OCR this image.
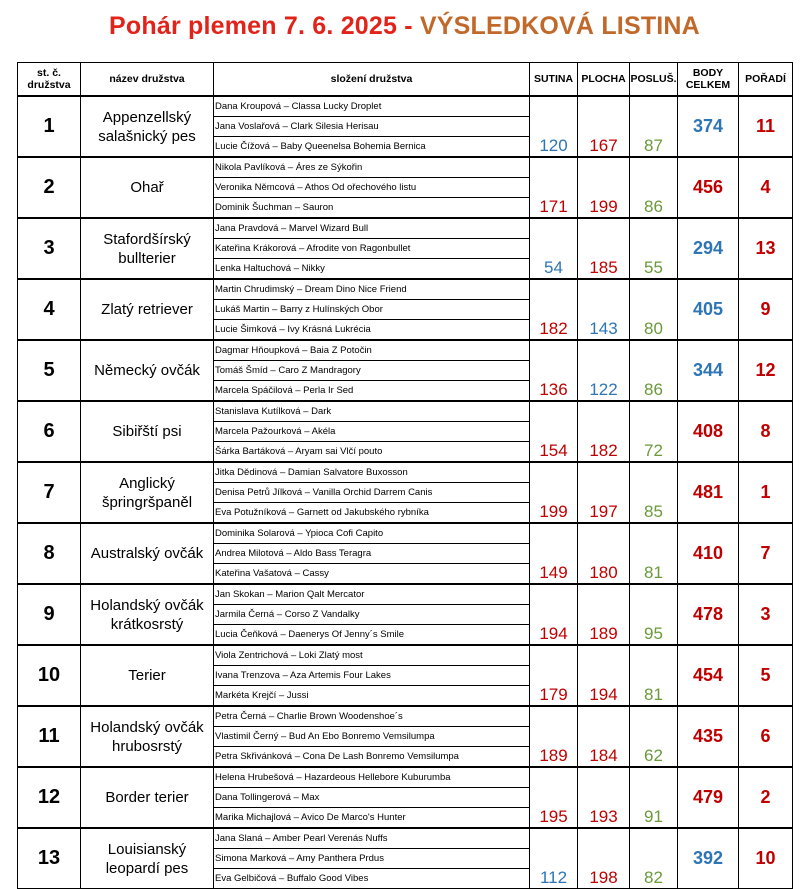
Pohár plemen 7. 6. 2025 - VÝSLEDKOVÁ LISTINA
st. č. družstva	název družstva	složení družstva	SUTINA	PLOCHA	POSLUŠ.	BODY CELKEM	POŘADÍ
1	Appenzellský salašnický pes	Dana Kroupová – Classa Lucky Droplet
Jana Voslařová – Clark Silesia Herisau
Lucie Čížová – Baby Queenelsa Bohemia Bernica	120	167	87	374	11
2	Ohař	Nikola Pavlíková – Áres ze Sýkořin
Veronika Němcová – Athos Od ořechového listu
Dominik Šuchman – Sauron	171	199	86	456	4
3	Stafordšírský bullterier	Jana Pravdová – Marvel Wizard Bull
Kateřina Krákorová – Afrodite von Ragonbullet
Lenka Haltuchová – Nikky	54	185	55	294	13
4	Zlatý retriever	Martin Chrudimský – Dream Dino Nice Friend
Lukáš Martin – Barry z Hulínských Obor
Lucie Šimková – Ivy Krásná Lukrécia	182	143	80	405	9
5	Německý ovčák	Dagmar Hňoupková – Baia Z Potočin
Tomáš Šmíd – Caro Z Mandragory
Marcela Spáčilová – Perla Ir Sed	136	122	86	344	12
6	Sibiřští psi	Stanislava Kutílková – Dark
Marcela Pažourková – Akéla
Šárka Bartáková – Aryam sai Vlčí pouto	154	182	72	408	8
7	Anglický špringršpaněl	Jitka Dědinová – Damian Salvatore Buxosson
Denisa Petrů Jílková – Vanilla Orchid Darrem Canis
Eva Potužníková – Garnett od Jakubského rybníka	199	197	85	481	1
8	Australský ovčák	Dominika Solarová – Ypioca Cofi Capito
Andrea Milotová – Aldo Bass Teragra
Kateřina Vašatová – Cassy	149	180	81	410	7
9	Holandský ovčák krátkosrstý	Jan Skokan – Marion Qalt Mercator
Jarmila Černá – Corso Z Vandalky
Lucia Čeňková – Daenerys Of Jenny´s Smile	194	189	95	478	3
10	Terier	Viola Zentrichová – Loki Zlatý most
Ivana Trenzova – Aza Artemis Four Lakes
Markéta Krejčí – Jussi	179	194	81	454	5
11	Holandský ovčák hrubosrstý	Petra Černá – Charlie Brown Woodenshoe´s
Vlastimil Černý – Bud An Ebo Bonremo Vemsilumpa
Petra Skřivánková – Cona De Lash Bonremo Vemsilumpa	189	184	62	435	6
12	Border terier	Helena Hrubešová – Hazardeous Hellebore Kuburumba
Dana Tollingerová – Max
Marika Michajlová – Avico De Marco's Hunter	195	193	91	479	2
13	Louisianský leopardí pes	Jana Slaná – Amber Pearl Verenás Nuffs
Simona Marková – Amy Panthera Prdus
Eva Gelbičová – Buffalo Good Vibes	112	198	82	392	10
